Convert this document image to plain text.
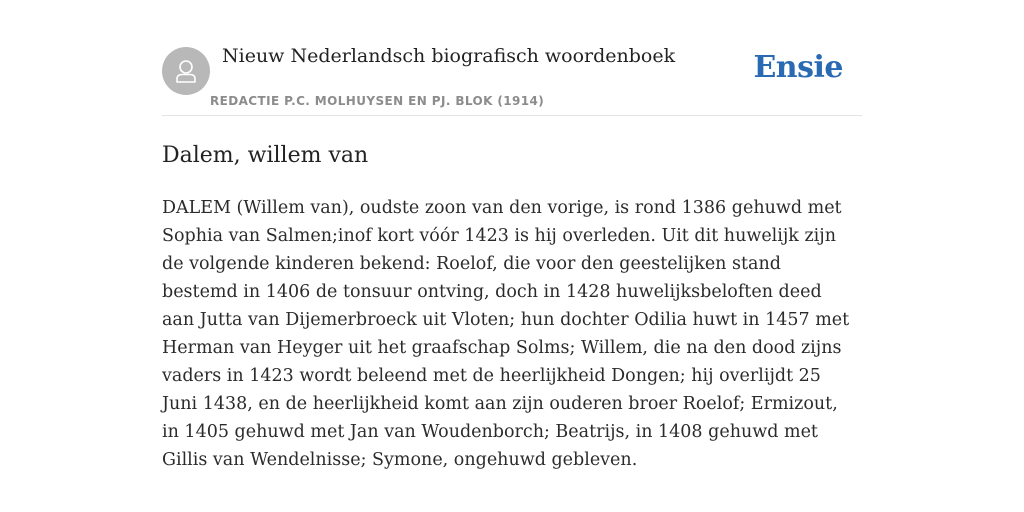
Nieuw Nederlandsch biografisch woordenboek
REDACTIE P.C. MOLHUYSEN EN PJ. BLOK (1914)
Ensie
Dalem, willem van

DALEM (Willem van), oudste zoon van den vorige, is rond 1386 gehuwd met Sophia van Salmen;inof kort vóór 1423 is hij overleden. Uit dit huwelijk zijn de volgende kinderen bekend: Roelof, die voor den geestelijken stand bestemd in 1406 de tonsuur ontving, doch in 1428 huwelijksbeloften deed aan Jutta van Dijemerbroeck uit Vloten; hun dochter Odilia huwt in 1457 met Herman van Heyger uit het graafschap Solms; Willem, die na den dood zijns vaders in 1423 wordt beleend met de heerlijkheid Dongen; hij overlijdt 25 Juni 1438, en de heerlijkheid komt aan zijn ouderen broer Roelof; Ermizout, in 1405 gehuwd met Jan van Woudenborch; Beatrijs, in 1408 gehuwd met Gillis van Wendelnisse; Symone, ongehuwd gebleven.
